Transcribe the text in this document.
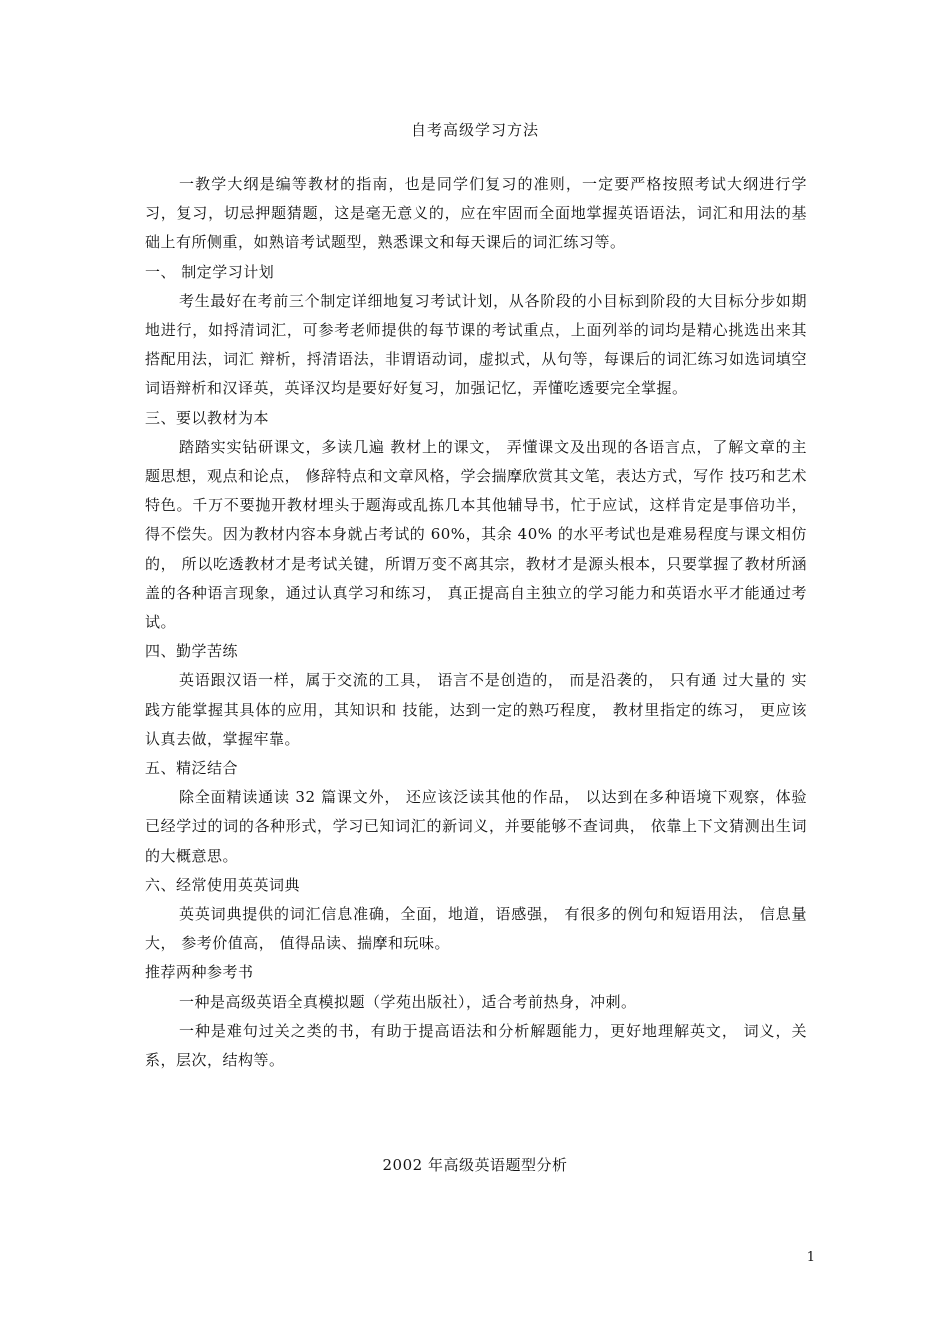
自考高级学习方法

一教学大纲是编等教材的指南，也是同学们复习的准则，一定要严格按照考试大纲进行学习，复习，切忌押题猜题，这是毫无意义的，应在牢固而全面地掌握英语语法，词汇和用法的基础上有所侧重，如熟谙考试题型，熟悉课文和每天课后的词汇练习等。

一、 制定学习计划

考生最好在考前三个制定详细地复习考试计划，从各阶段的小目标到阶段的大目标分步如期地进行，如捋清词汇，可参考老师提供的每节课的考试重点，上面列举的词均是精心挑选出来其搭配用法，词汇 辩析，捋清语法，非谓语动词，虚拟式，从句等，每课后的词汇练习如选词填空词语辩析和汉译英，英译汉均是要好好复习，加强记忆，弄懂吃透要完全掌握。

三、要以教材为本

踏踏实实钻研课文，多读几遍 教材上的课文， 弄懂课文及出现的各语言点，了解文章的主题思想，观点和论点， 修辞特点和文章风格，学会揣摩欣赏其文笔，表达方式，写作 技巧和艺术特色。千万不要抛开教材埋头于题海或乱拣几本其他辅导书，忙于应试，这样肯定是事倍功半，得不偿失。因为教材内容本身就占考试的 60%，其余 40% 的水平考试也是难易程度与课文相仿的， 所以吃透教材才是考试关键，所谓万变不离其宗，教材才是源头根本，只要掌握了教材所涵盖的各种语言现象，通过认真学习和练习， 真正提高自主独立的学习能力和英语水平才能通过考试。

四、勤学苦练

英语跟汉语一样，属于交流的工具， 语言不是创造的， 而是沿袭的， 只有通 过大量的 实践方能掌握其具体的应用，其知识和 技能，达到一定的熟巧程度， 教材里指定的练习， 更应该认真去做，掌握牢靠。

五、精泛结合

除全面精读通读 32 篇课文外， 还应该泛读其他的作品， 以达到在多种语境下观察，体验已经学过的词的各种形式，学习已知词汇的新词义，并要能够不查词典， 依靠上下文猜测出生词的大概意思。

六、经常使用英英词典

英英词典提供的词汇信息准确，全面，地道，语感强， 有很多的例句和短语用法， 信息量大， 参考价值高， 值得品读、揣摩和玩味。

推荐两种参考书

一种是高级英语全真模拟题（学苑出版社），适合考前热身，冲刺。

一种是难句过关之类的书，有助于提高语法和分析解题能力，更好地理解英文， 词义，关系，层次，结构等。

2002 年高级英语题型分析
1
